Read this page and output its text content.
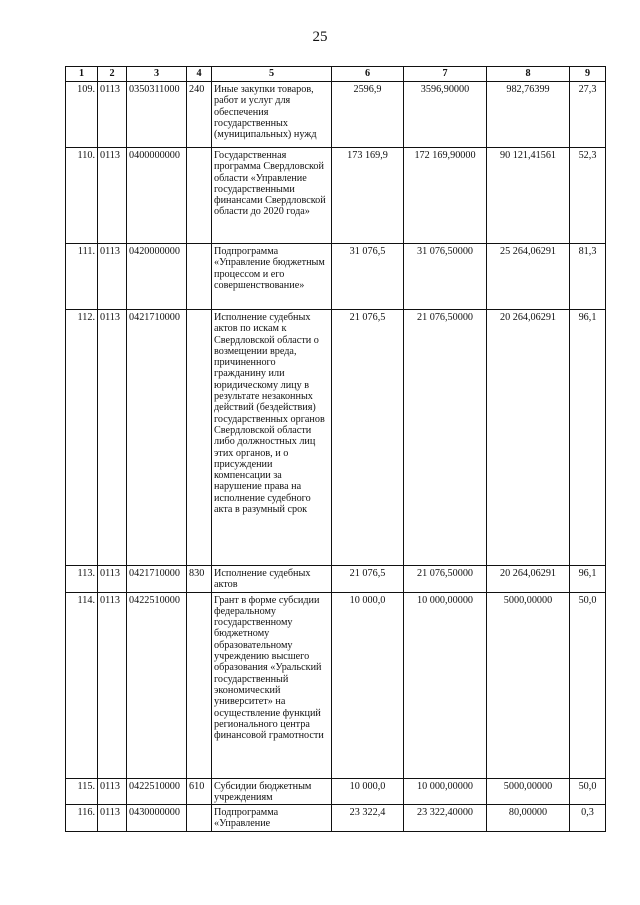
25
1	2	3	4	5	6	7	8	9
109.	0113	0350311000	240	Иные закупки товаров, работ и услуг для обеспечения государственных (муниципальных) нужд	2596,9	3596,90000	982,76399	27,3
110.	0113	0400000000		Государственная программа Свердловской области «Управление государственными финансами Свердловской области до 2020 года»	173 169,9	172 169,90000	90 121,41561	52,3
111.	0113	0420000000		Подпрограмма «Управление бюджетным процессом и его совершенствование»	31 076,5	31 076,50000	25 264,06291	81,3
112.	0113	0421710000		Исполнение судебных актов по искам к Свердловской области о возмещении вреда, причиненного гражданину или юридическому лицу в результате незаконных действий (бездействия) государственных органов Свердловской области либо должностных лиц этих органов, и о присуждении компенсации за нарушение права на исполнение судебного акта в разумный срок	21 076,5	21 076,50000	20 264,06291	96,1
113.	0113	0421710000	830	Исполнение судебных актов	21 076,5	21 076,50000	20 264,06291	96,1
114.	0113	0422510000		Грант в форме субсидии федеральному государственному бюджетному образовательному учреждению высшего образования «Уральский государственный экономический университет» на осуществление функций регионального центра финансовой грамотности	10 000,0	10 000,00000	5000,00000	50,0
115.	0113	0422510000	610	Субсидии бюджетным учреждениям	10 000,0	10 000,00000	5000,00000	50,0
116.	0113	0430000000		Подпрограмма «Управление	23 322,4	23 322,40000	80,00000	0,3
